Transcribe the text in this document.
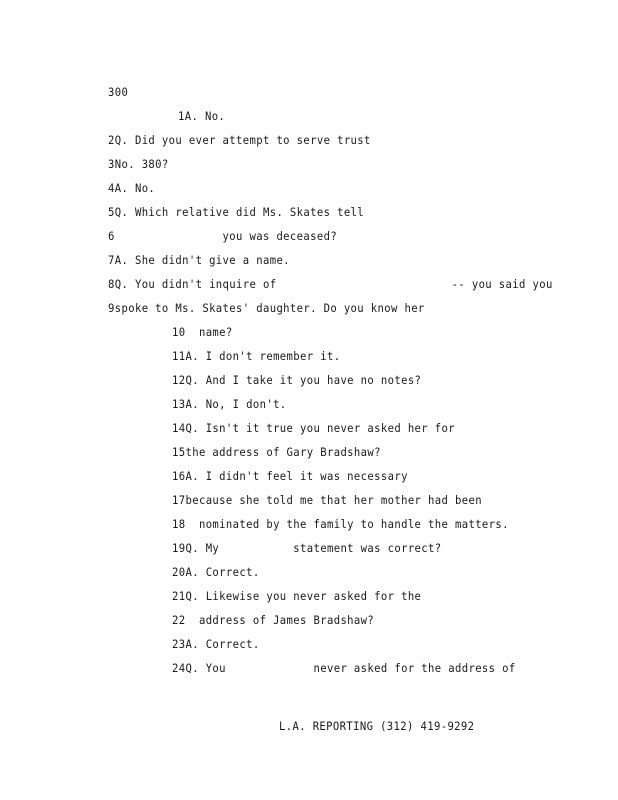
300
1A. No.
2Q. Did you ever attempt to serve trust
3No. 380?
4A. No.
5Q. Which relative did Ms. Skates tell
6                you was deceased?
7A. She didn't give a name.
8Q. You didn't inquire of                          -- you said you
9spoke to Ms. Skates' daughter. Do you know her
10  name?
11A. I don't remember it.
12Q. And I take it you have no notes?
13A. No, I don't.
14Q. Isn't it true you never asked her for
15the address of Gary Bradshaw?
16A. I didn't feel it was necessary
17because she told me that her mother had been
18  nominated by the family to handle the matters.
19Q. My           statement was correct?
20A. Correct.
21Q. Likewise you never asked for the
22  address of James Bradshaw?
23A. Correct.
24Q. You             never asked for the address of
L.A. REPORTING (312) 419-9292
